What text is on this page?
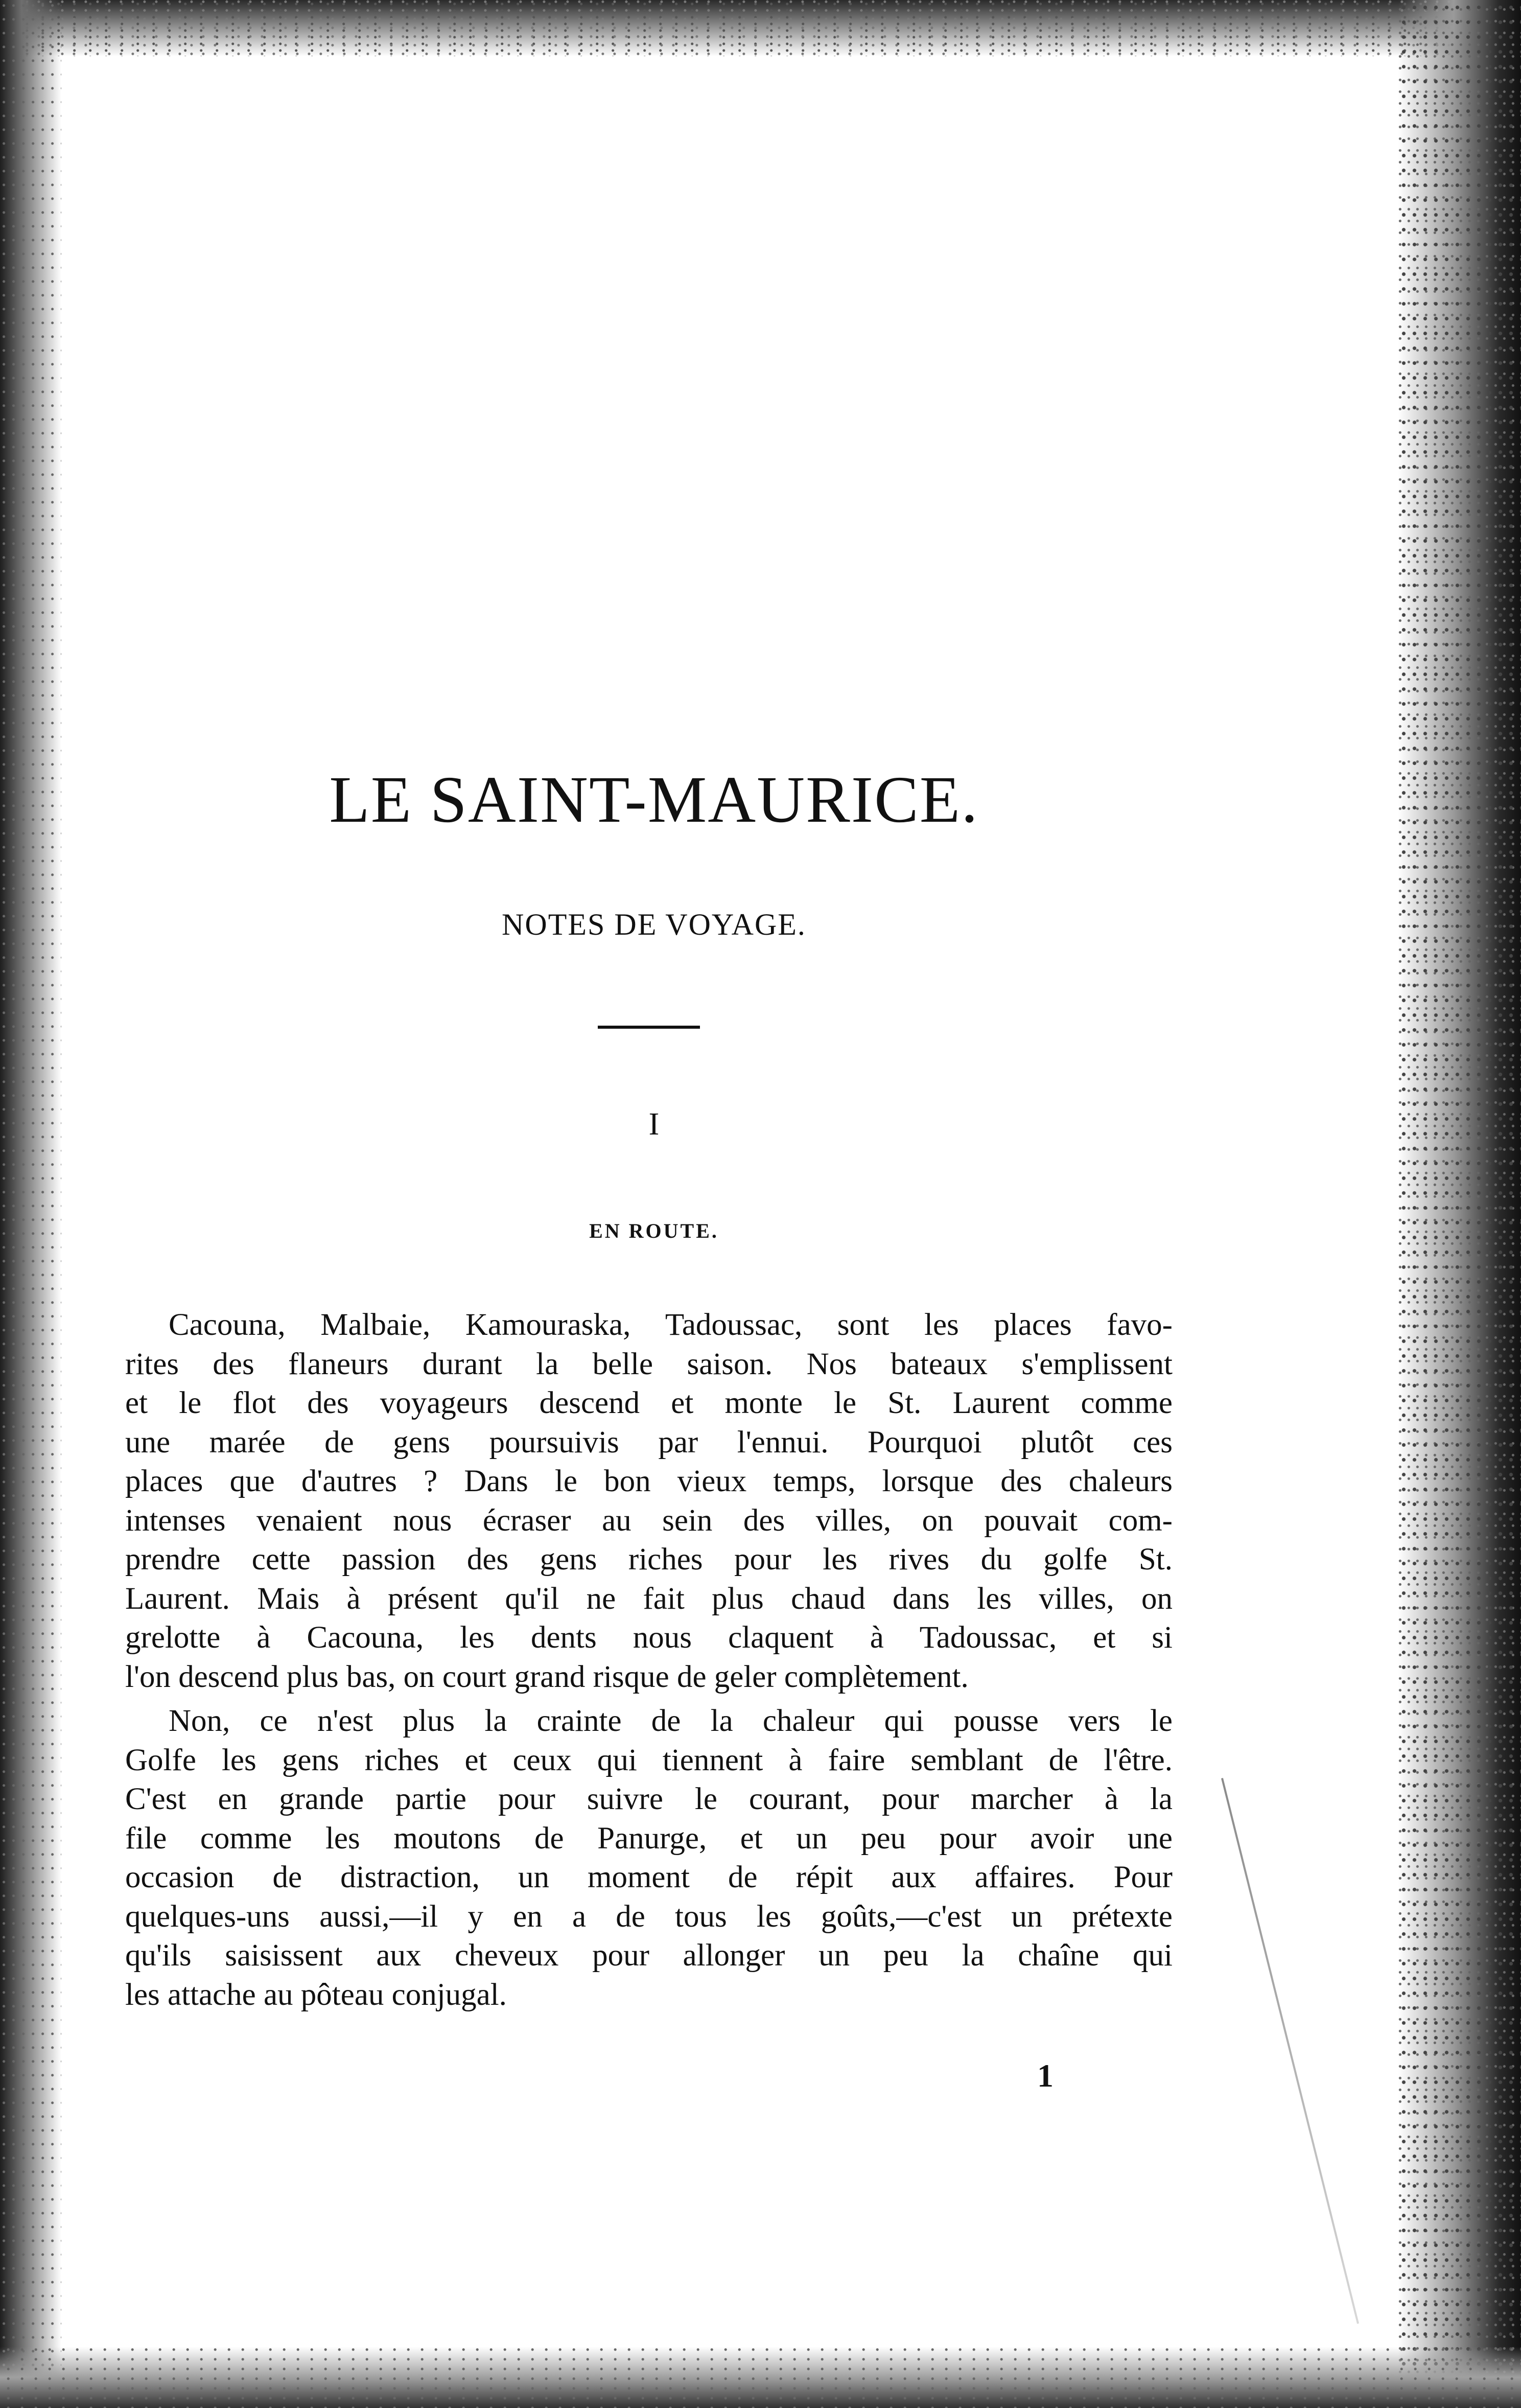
LE SAINT-MAURICE.
NOTES DE VOYAGE.
I
EN ROUTE.
Cacouna, Malbaie, Kamouraska, Tadoussac, sont les places favo-
rites des flaneurs durant la belle saison. Nos bateaux s'emplissent
et le flot des voyageurs descend et monte le St. Laurent comme
une marée de gens poursuivis par l'ennui. Pourquoi plutôt ces
places que d'autres ? Dans le bon vieux temps, lorsque des chaleurs
intenses venaient nous écraser au sein des villes, on pouvait com-
prendre cette passion des gens riches pour les rives du golfe St.
Laurent. Mais à présent qu'il ne fait plus chaud dans les villes, on
grelotte à Cacouna, les dents nous claquent à Tadoussac, et si
l'on descend plus bas, on court grand risque de geler complètement.
Non, ce n'est plus la crainte de la chaleur qui pousse vers le
Golfe les gens riches et ceux qui tiennent à faire semblant de l'être.
C'est en grande partie pour suivre le courant, pour marcher à la
file comme les moutons de Panurge, et un peu pour avoir une
occasion de distraction, un moment de répit aux affaires. Pour
quelques-uns aussi,—il y en a de tous les goûts,—c'est un prétexte
qu'ils saisissent aux cheveux pour allonger un peu la chaîne qui
les attache au pôteau conjugal.
1
